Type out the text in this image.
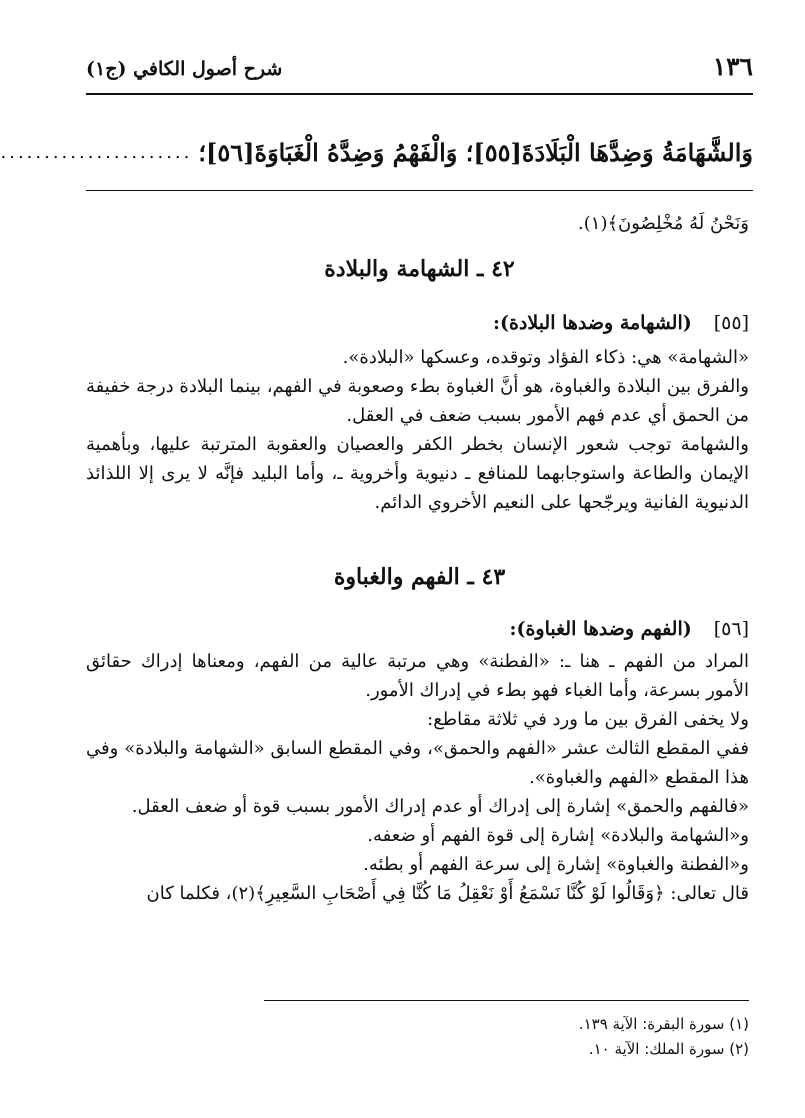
١٣٦
شرح أصول الكافي (ج١)
وَالشَّهَامَةُ وَضِدَّهَا الْبَلَادَةَ[٥٥]؛ وَالْفَهْمُ وَضِدَّهُ الْغَبَاوَةَ[٥٦]؛
......................
وَنَحْنُ لَهُ مُخْلِصُونَ﴾(١).
٤٢ ـ الشهامة والبلادة
[٥٥]
(الشهامة وضدها البلادة):

«الشهامة» هي: ذكاء الفؤاد وتوقده، وعسكها «البلادة».

والفرق بين البلادة والغباوة، هو أنَّ الغباوة بطء وصعوبة في الفهم، بينما البلادة درجة خفيفة من الحمق أي عدم فهم الأمور بسبب ضعف في العقل.

والشهامة توجب شعور الإنسان بخطر الكفر والعصيان والعقوبة المترتبة عليها، وبأهمية الإيمان والطاعة واستوجابهما للمنافع ـ دنيوية وأخروية ـ، وأما البليد فإنَّه لا يرى إلا اللذائذ الدنيوية الفانية ويرجّحها على النعيم الأخروي الدائم.

٤٣ ـ الفهم والغباوة
[٥٦]
(الفهم وضدها الغباوة):

المراد من الفهم ـ هنا ـ: «الفطنة» وهي مرتبة عالية من الفهم، ومعناها إدراك حقائق الأمور بسرعة، وأما الغباء فهو بطء في إدراك الأمور.

ولا يخفى الفرق بين ما ورد في ثلاثة مقاطع:

ففي المقطع الثالث عشر «الفهم والحمق»، وفي المقطع السابق «الشهامة والبلادة» وفي هذا المقطع «الفهم والغباوة».

«فالفهم والحمق» إشارة إلى إدراك أو عدم إدراك الأمور بسبب قوة أو ضعف العقل.

و«الشهامة والبلادة» إشارة إلى قوة الفهم أو ضعفه.

و«الفطنة والغباوة» إشارة إلى سرعة الفهم أو بطئه.

قال تعالى: ﴿وَقَالُوا لَوْ كُنَّا نَسْمَعُ أَوْ نَعْقِلُ مَا كُنَّا فِي أَصْحَابِ السَّعِيرِ﴾(٢)، فكلما كان

(١) سورة البقرة: الآية ١٣٩.

(٢) سورة الملك: الآية ١٠.
